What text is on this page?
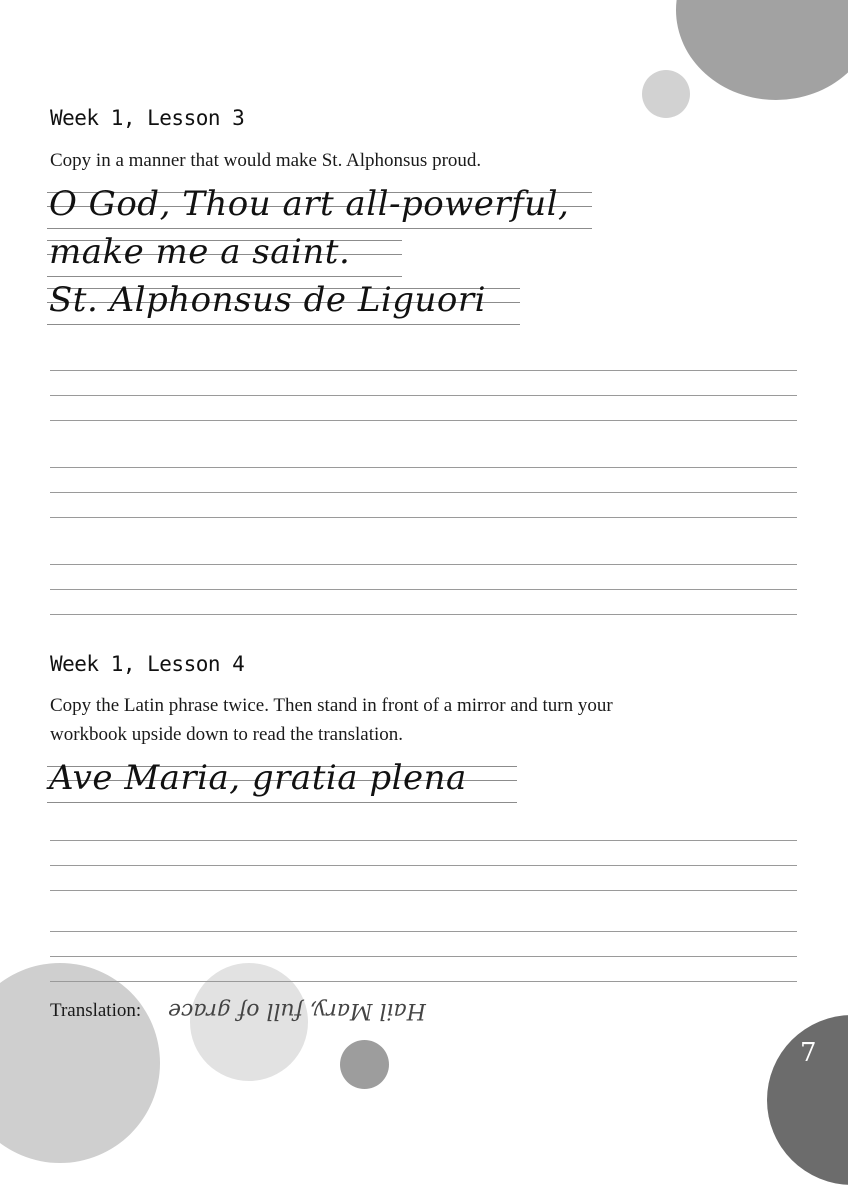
7
Week 1, Lesson 3
Copy in a manner that would make St. Alphonsus proud.
O God, Thou art all-powerful,
make me a saint.
St. Alphonsus de Liguori
Week 1, Lesson 4
Copy the Latin phrase twice. Then stand in front of a mirror and turn your
workbook upside down to read the translation.
Ave Maria, gratia plena
Translation: Hail Mary, full of grace
